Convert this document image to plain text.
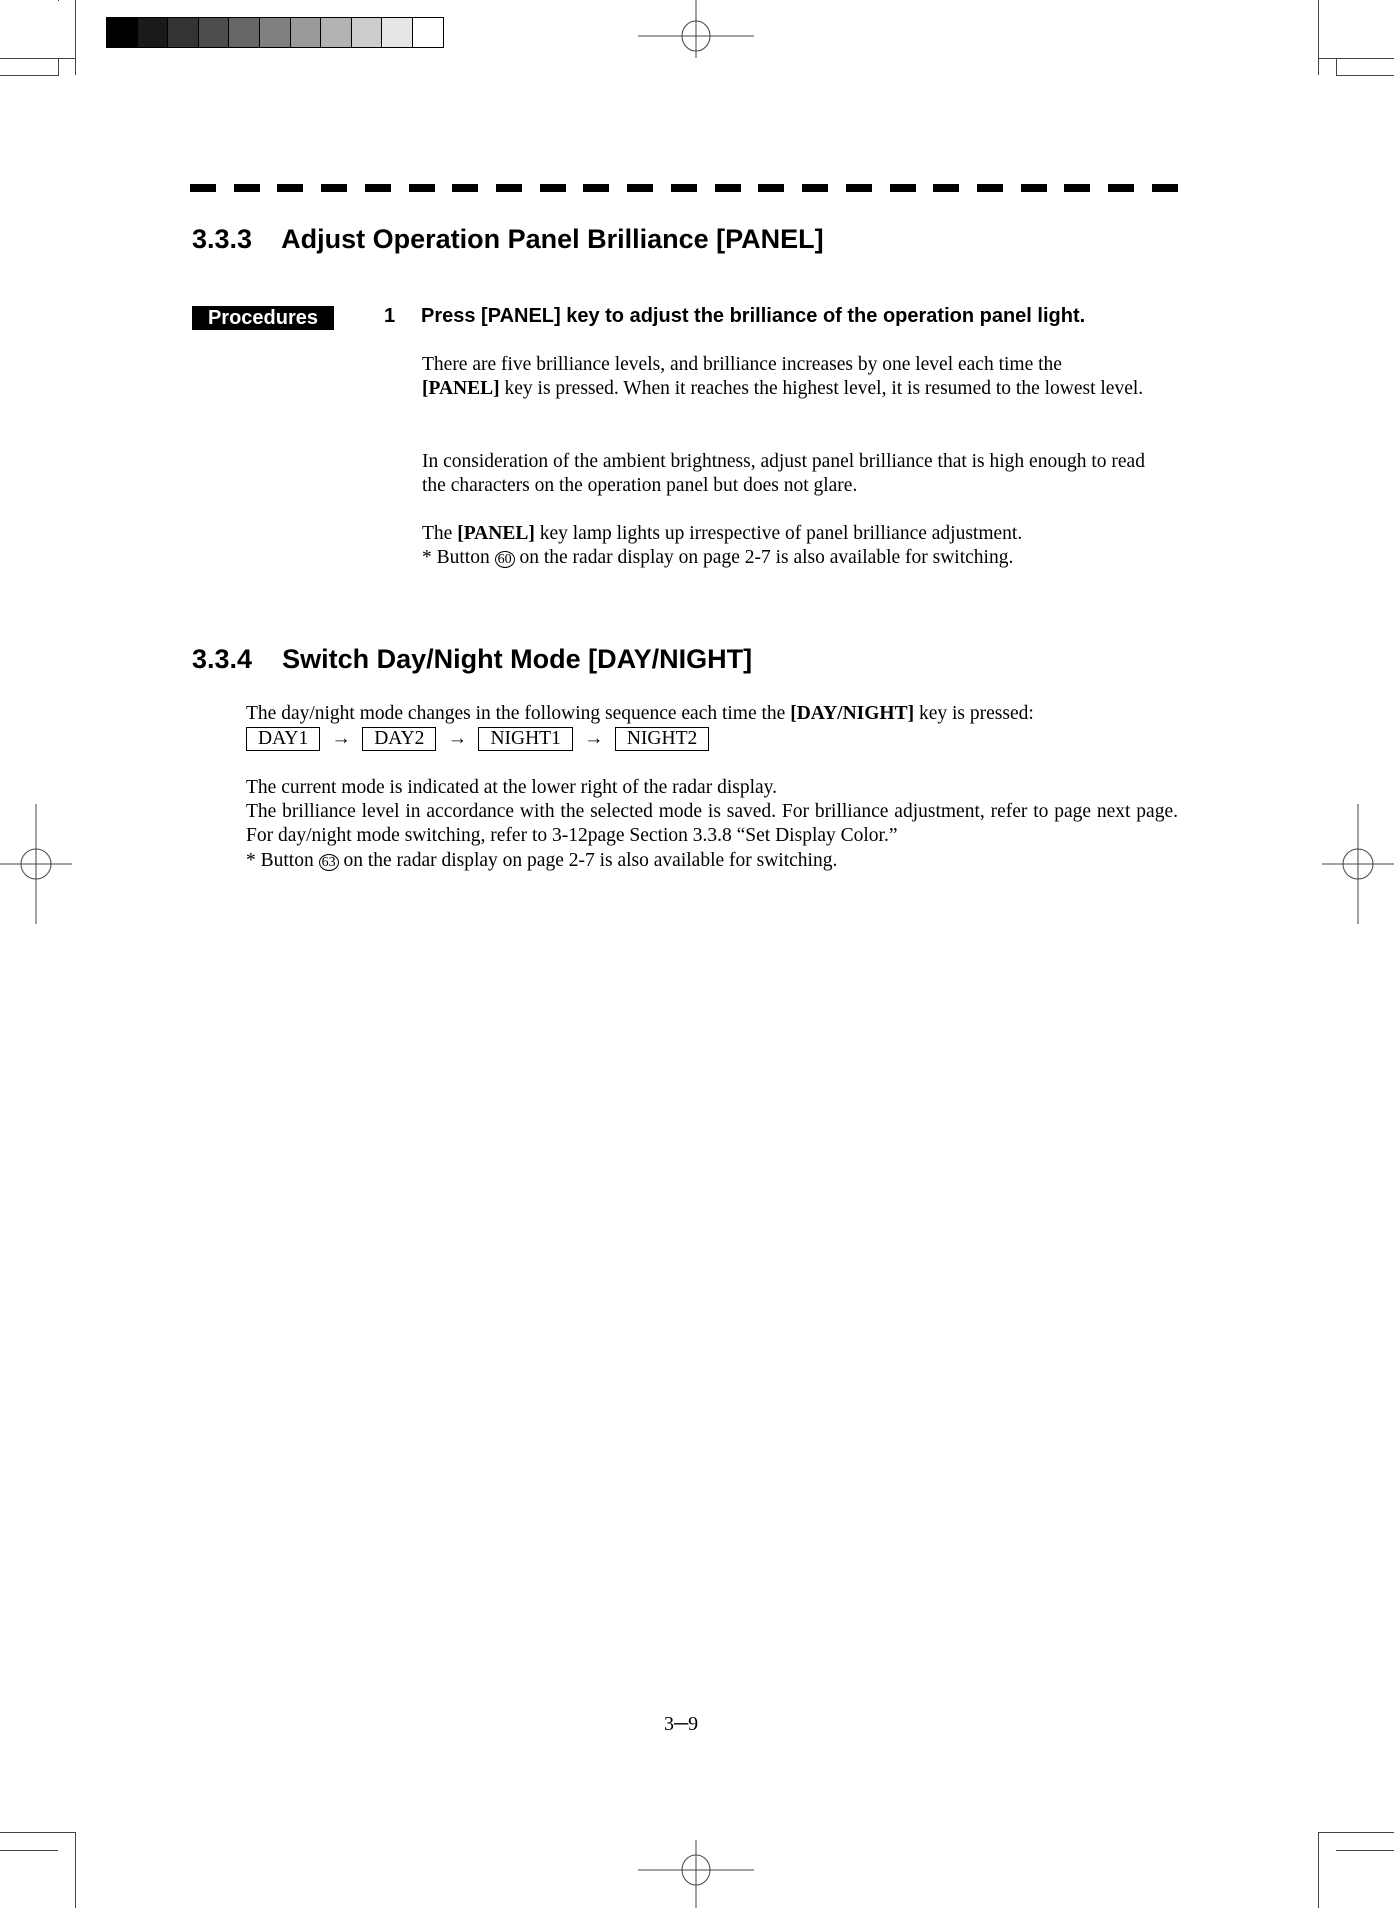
3.3.3 Adjust Operation Panel Brilliance [PANEL]
Procedures	1 Press [PANEL] key to adjust the brilliance of the operation panel light.
There are five brilliance levels, and brilliance increases by one level each time the
[PANEL] key is pressed. When it reaches the highest level, it is resumed to the lowest level.
In consideration of the ambient brightness, adjust panel brilliance that is high enough to read the characters on the operation panel but does not glare.
The [PANEL] key lamp lights up irrespective of panel brilliance adjustment.
* Button 60 on the radar display on page 2-7 is also available for switching.
3.3.4 Switch Day/Night Mode [DAY/NIGHT]
The day/night mode changes in the following sequence each time the [DAY/NIGHT] key is pressed:
DAY1 → DAY2 → NIGHT1 → NIGHT2
The current mode is indicated at the lower right of the radar display.
The brilliance level in accordance with the selected mode is saved. For brilliance adjustment, refer to page next page. For day/night mode switching, refer to 3-12page Section 3.3.8 “Set Display Color.”
* Button 63 on the radar display on page 2-7 is also available for switching.
3─9
